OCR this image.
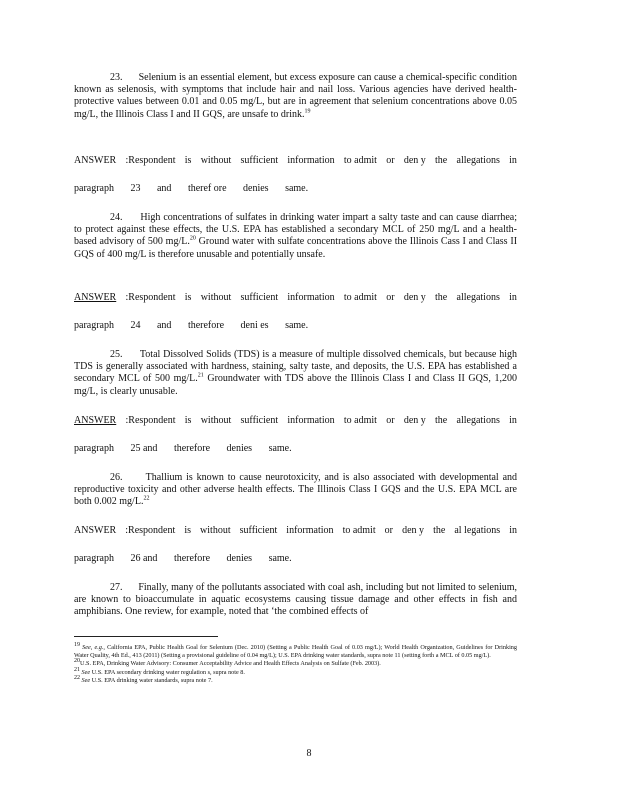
23. Selenium is an essential element, but excess exposure can cause a chemical-specific condition known as selenosis, with symptoms that include hair and nail loss. Various agencies have derived health-protective values between 0.01 and 0.05 mg/L, but are in agreement that selenium concentrations above 0.05 mg/L, the Illinois Class I and II GQS, are unsafe to drink.$^{19}$
ANSWER :Respondent is without sufficient information to admit or den y the allegations in
paragraph 23 and theref ore denies same.
24. High concentrations of sulfates in drinking water impart a salty taste and can cause diarrhea; to protect against these effects, the U.S. EPA has established a secondary MCL of 250 mg/L and a health-based advisory of 500 mg/L.$^{20}$ Ground water with sulfate concentrations above the Illinois Cass I and Class II GQS of 400 mg/L is therefore unusable and potentially unsafe.
ANSWER :Respondent is without sufficient information to admit or den y the allegations in
paragraph 24 and therefore deni es same.
25. Total Dissolved Solids (TDS) is a measure of multiple dissolved chemicals, but because high TDS is generally associated with hardness, staining, salty taste, and deposits, the U.S. EPA has established a secondary MCL of 500 mg/L.$^{21}$ Groundwater with TDS above the Illinois Class I and Class II GQS, 1,200 mg/L, is clearly unusable.
ANSWER :Respondent is without sufficient information to admit or den y the allegations in
paragraph 25 and therefore denies same.
26. Thallium is known to cause neurotoxicity, and is also associated with developmental and reproductive toxicity and other adverse health effects. The Illinois Class I GQS and the U.S. EPA MCL are both 0.002 mg/L.$^{22}$
ANSWER :Respondent is without sufficient information to admit or den y the al legations in
paragraph 26 and therefore denies same.
27. Finally, many of the pollutants associated with coal ash, including but not limited to selenium, are known to bioaccumulate in aquatic ecosystems causing tissue damage and other effects in fish and amphibians. One review, for example, noted that ‘the combined effects of

$^{19}$ See, e.g., California EPA, Public Health Goal for Selenium (Dec. 2010) (Setting a Public Health Goal of 0.03 mg/L); World Health Organization, Guidelines for Drinking Water Quality, 4th Ed., 413 (2011) (Setting a provisional guideline of 0.04 mg/L); U.S. EPA drinking water standards, supra note 11 (setting forth a MCL of 0.05 mg/L).

$^{20}$U.S. EPA, Drinking Water Advisory: Consumer Acceptability Advice and Health Effects Analysis on Sulfate (Feb. 2003).

$^{21}$ See U.S. EPA secondary drinking water regulation s, supra note 8.

$^{22}$ See U.S. EPA drinking water standards, supra note 7.

8
